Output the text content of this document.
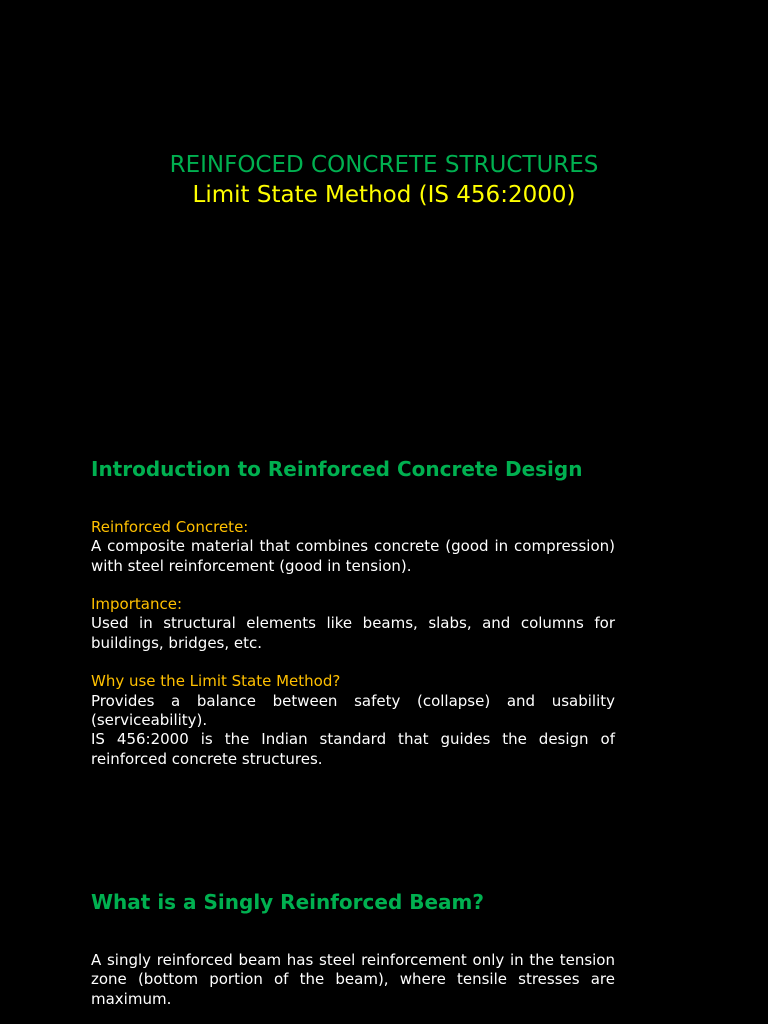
REINFOCED CONCRETE STRUCTURES
Limit State Method (IS 456:2000)
Introduction to Reinforced Concrete Design
Reinforced Concrete:
A composite material that combines concrete (good in compression) with steel reinforcement (good in tension).
Importance:
Used in structural elements like beams, slabs, and columns for buildings, bridges, etc.
Why use the Limit State Method?
Provides a balance between safety (collapse) and usability (serviceability).
IS 456:2000 is the Indian standard that guides the design of reinforced concrete structures.
What is a Singly Reinforced Beam?
A singly reinforced beam has steel reinforcement only in the tension zone (bottom portion of the beam), where tensile stresses are maximum.
